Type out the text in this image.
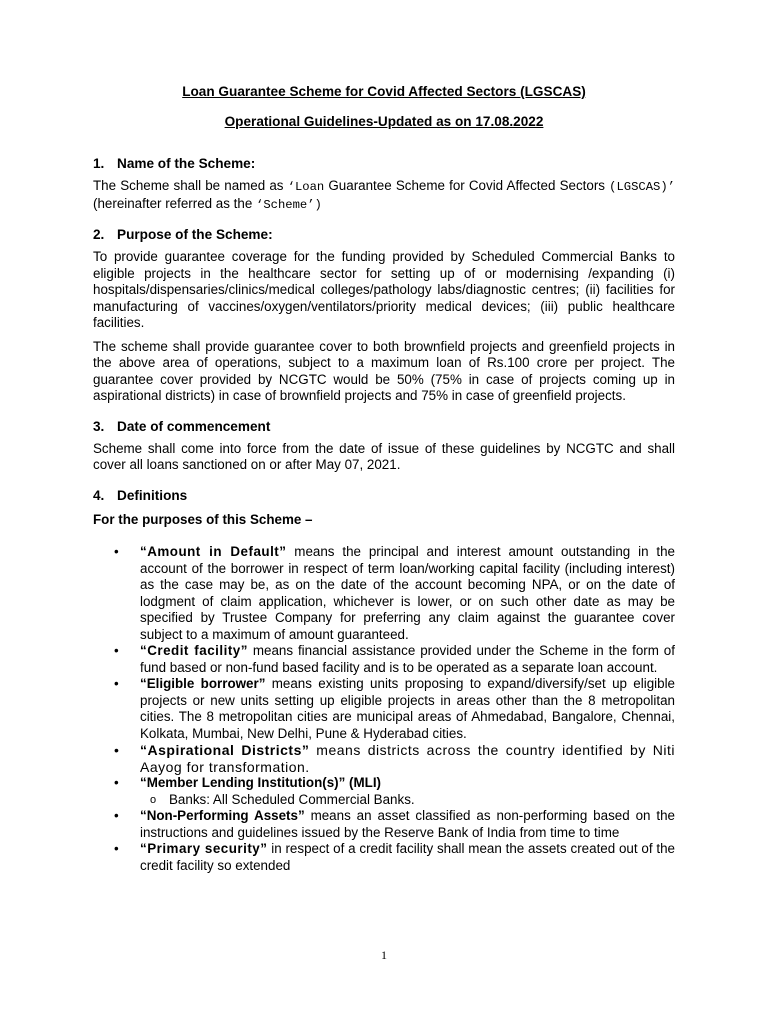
Loan Guarantee Scheme for Covid Affected Sectors (LGSCAS)
Operational Guidelines-Updated as on 17.08.2022
1. Name of the Scheme:

The Scheme shall be named as ‘Loan Guarantee Scheme for Covid Affected Sectors (LGSCAS)’ (hereinafter referred as the ‘Scheme’)

2. Purpose of the Scheme:

To provide guarantee coverage for the funding provided by Scheduled Commercial Banks to eligible projects in the healthcare sector for setting up of or modernising /expanding (i) hospitals/dispensaries/clinics/medical colleges/pathology labs/diagnostic centres; (ii) facilities for manufacturing of vaccines/oxygen/ventilators/priority medical devices; (iii) public healthcare facilities.

The scheme shall provide guarantee cover to both brownfield projects and greenfield projects in the above area of operations, subject to a maximum loan of Rs.100 crore per project. The guarantee cover provided by NCGTC would be 50% (75% in case of projects coming up in aspirational districts) in case of brownfield projects and 75% in case of greenfield projects.

3. Date of commencement

Scheme shall come into force from the date of issue of these guidelines by NCGTC and shall cover all loans sanctioned on or after May 07, 2021.

4. Definitions

For the purposes of this Scheme –

• “Amount in Default” means the principal and interest amount outstanding in the account of the borrower in respect of term loan/working capital facility (including interest) as the case may be, as on the date of the account becoming NPA, or on the date of lodgment of claim application, whichever is lower, or on such other date as may be specified by Trustee Company for preferring any claim against the guarantee cover subject to a maximum of amount guaranteed.
• “Credit facility” means financial assistance provided under the Scheme in the form of fund based or non-fund based facility and is to be operated as a separate loan account.
• “Eligible borrower” means existing units proposing to expand/diversify/set up eligible projects or new units setting up eligible projects in areas other than the 8 metropolitan cities. The 8 metropolitan cities are municipal areas of Ahmedabad, Bangalore, Chennai, Kolkata, Mumbai, New Delhi, Pune & Hyderabad cities.
• “Aspirational Districts” means districts across the country identified by Niti Aayog for transformation.
• “Member Lending Institution(s)” (MLI)
o Banks: All Scheduled Commercial Banks.
• “Non-Performing Assets” means an asset classified as non-performing based on the instructions and guidelines issued by the Reserve Bank of India from time to time
• “Primary security” in respect of a credit facility shall mean the assets created out of the credit facility so extended
1
